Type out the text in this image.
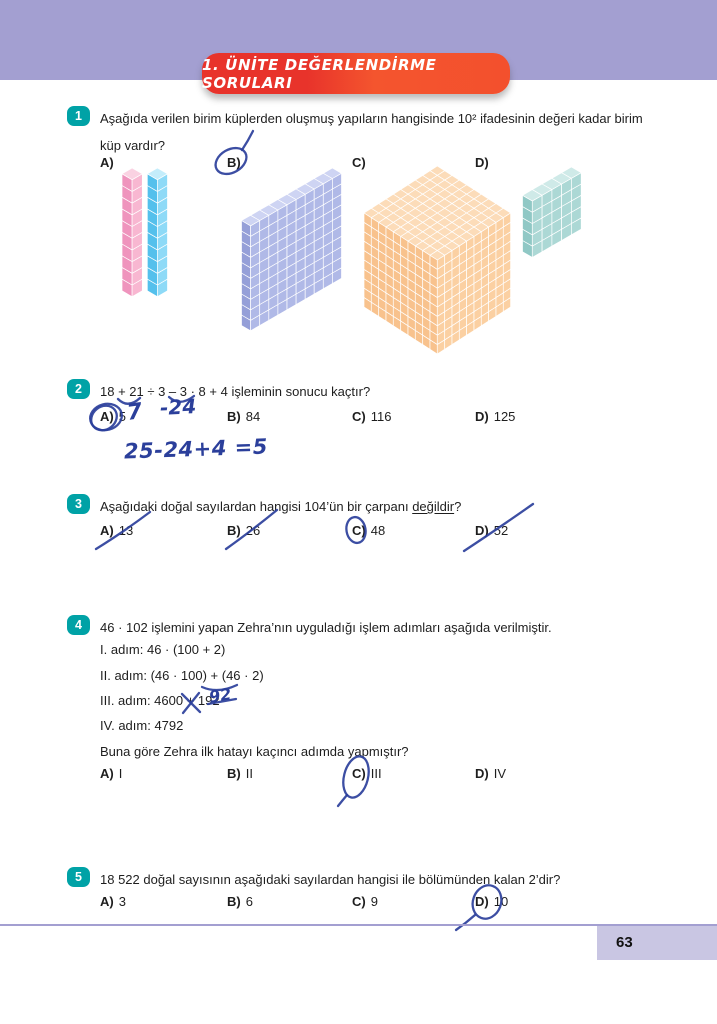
1. ÜNİTE DEĞERLENDİRME SORULARI
1	Aşağıda verilen birim küplerden oluşmuş yapıların hangisinde 10² ifadesinin değeri kadar birim
küp vardır?
A)	B)	C)	D)
2	18 + 21 ÷ 3 – 3 · 8 + 4 işleminin sonucu kaçtır?
A) 5	B) 84	C) 116	D) 125
3	Aşağıdaki doğal sayılardan hangisi 104’ün bir çarpanı değildir?
A) 13	B) 26	C) 48	D) 52
4	46 · 102 işlemini yapan Zehra’nın uyguladığı işlem adımları aşağıda verilmiştir.

I. adım: 46 · (100 + 2)

II. adım: (46 · 100) + (46 · 2)

III. adım: 4600 + 192

IV. adım: 4792

Buna göre Zehra ilk hatayı kaçıncı adımda yapmıştır?
A) I	B) II	C) III	D) IV
5	18 522 doğal sayısının aşağıdaki sayılardan hangisi ile bölümünden kalan 2’dir?
A) 3	B) 6	C) 9	D) 10
7 -24
25-24+4 =5
92
63
